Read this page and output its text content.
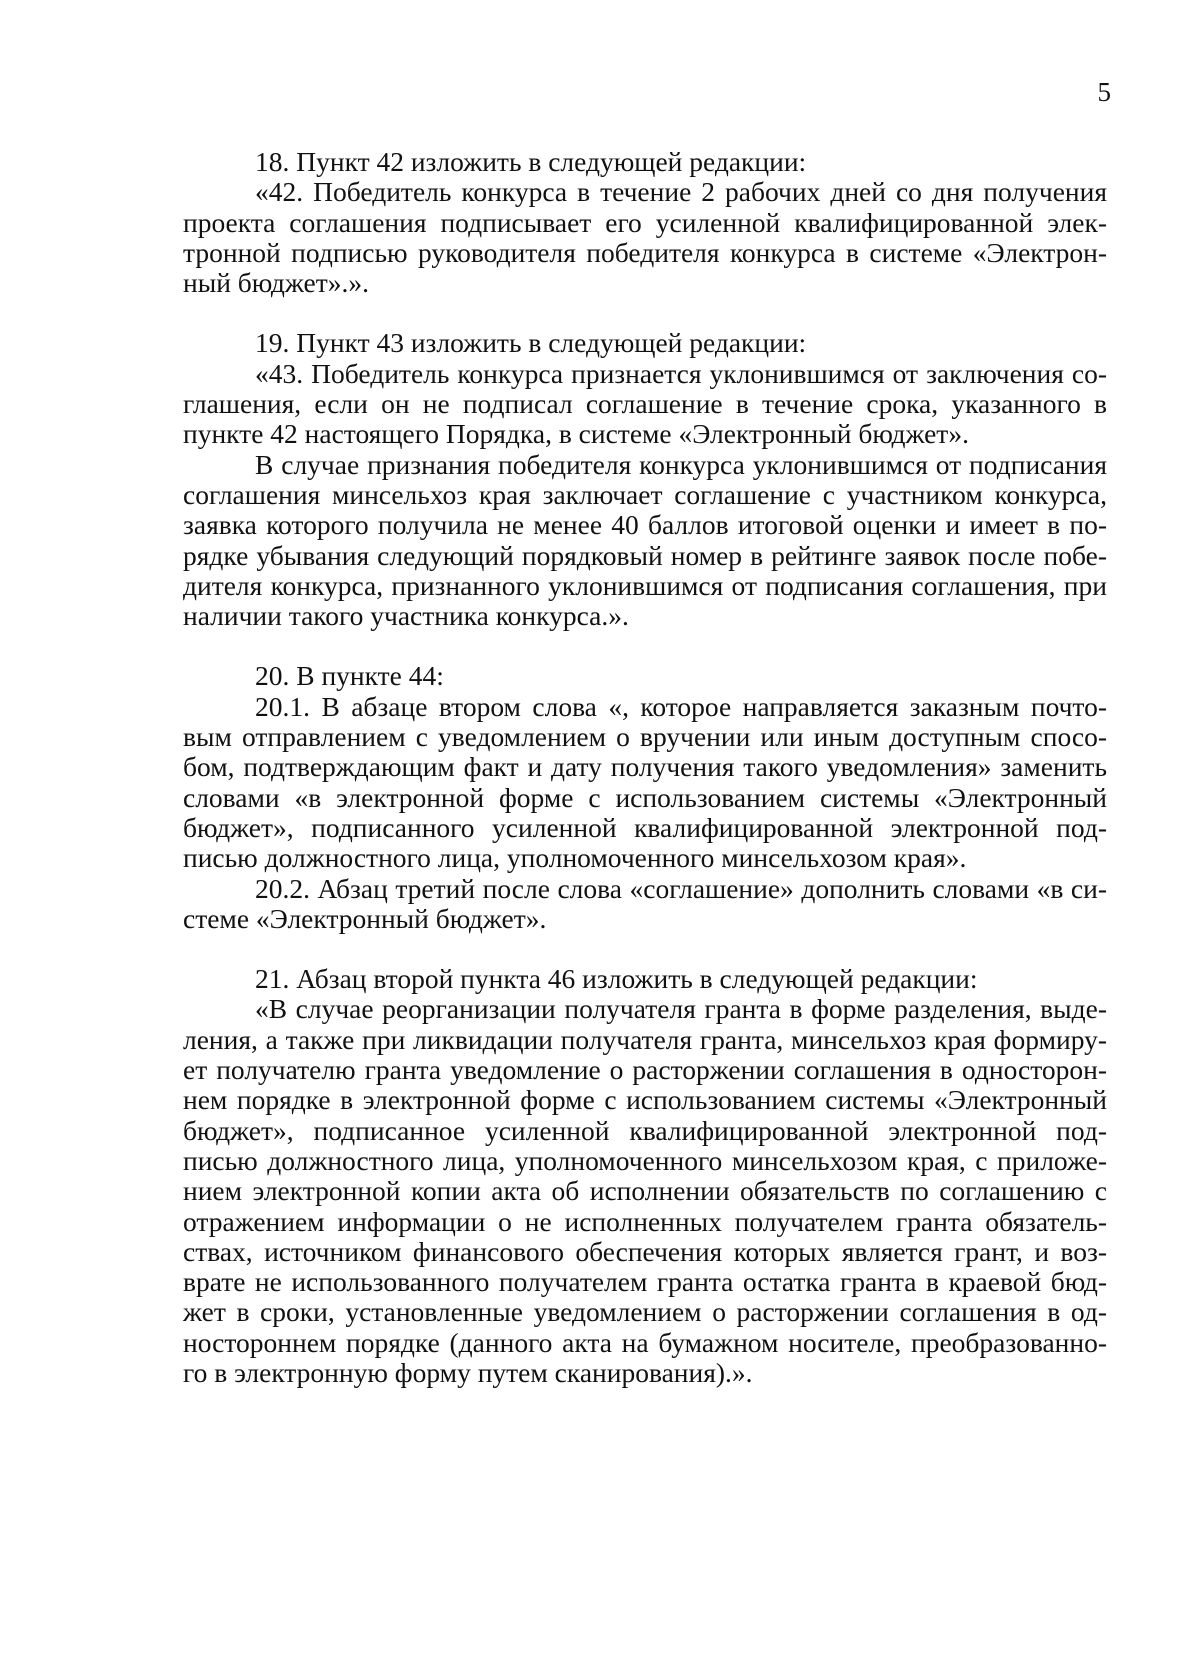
5
18. Пункт 42 изложить в следующей редакции:
«42. Победитель конкурса в течение 2 рабочих дней со дня получения
проекта соглашения подписывает его усиленной квалифицированной элек-
тронной подписью руководителя победителя конкурса в системе «Электрон-
ный бюджет».».
19. Пункт 43 изложить в следующей редакции:
«43. Победитель конкурса признается уклонившимся от заключения со-
глашения, если он не подписал соглашение в течение срока, указанного в
пункте 42 настоящего Порядка, в системе «Электронный бюджет».
В случае признания победителя конкурса уклонившимся от подписания
соглашения минсельхоз края заключает соглашение с участником конкурса,
заявка которого получила не менее 40 баллов итоговой оценки и имеет в по-
рядке убывания следующий порядковый номер в рейтинге заявок после побе-
дителя конкурса, признанного уклонившимся от подписания соглашения, при
наличии такого участника конкурса.».
20. В пункте 44:
20.1. В абзаце втором слова «, которое направляется заказным почто-
вым отправлением с уведомлением о вручении или иным доступным спосо-
бом, подтверждающим факт и дату получения такого уведомления» заменить
словами «в электронной форме с использованием системы «Электронный
бюджет», подписанного усиленной квалифицированной электронной под-
писью должностного лица, уполномоченного минсельхозом края».
20.2. Абзац третий после слова «соглашение» дополнить словами «в си-
стеме «Электронный бюджет».
21. Абзац второй пункта 46 изложить в следующей редакции:
«В случае реорганизации получателя гранта в форме разделения, выде-
ления, а также при ликвидации получателя гранта, минсельхоз края формиру-
ет получателю гранта уведомление о расторжении соглашения в односторон-
нем порядке в электронной форме с использованием системы «Электронный
бюджет», подписанное усиленной квалифицированной электронной под-
писью должностного лица, уполномоченного минсельхозом края, с приложе-
нием электронной копии акта об исполнении обязательств по соглашению с
отражением информации о не исполненных получателем гранта обязатель-
ствах, источником финансового обеспечения которых является грант, и воз-
врате не использованного получателем гранта остатка гранта в краевой бюд-
жет в сроки, установленные уведомлением о расторжении соглашения в од-
ностороннем порядке (данного акта на бумажном носителе, преобразованно-
го в электронную форму путем сканирования).».
